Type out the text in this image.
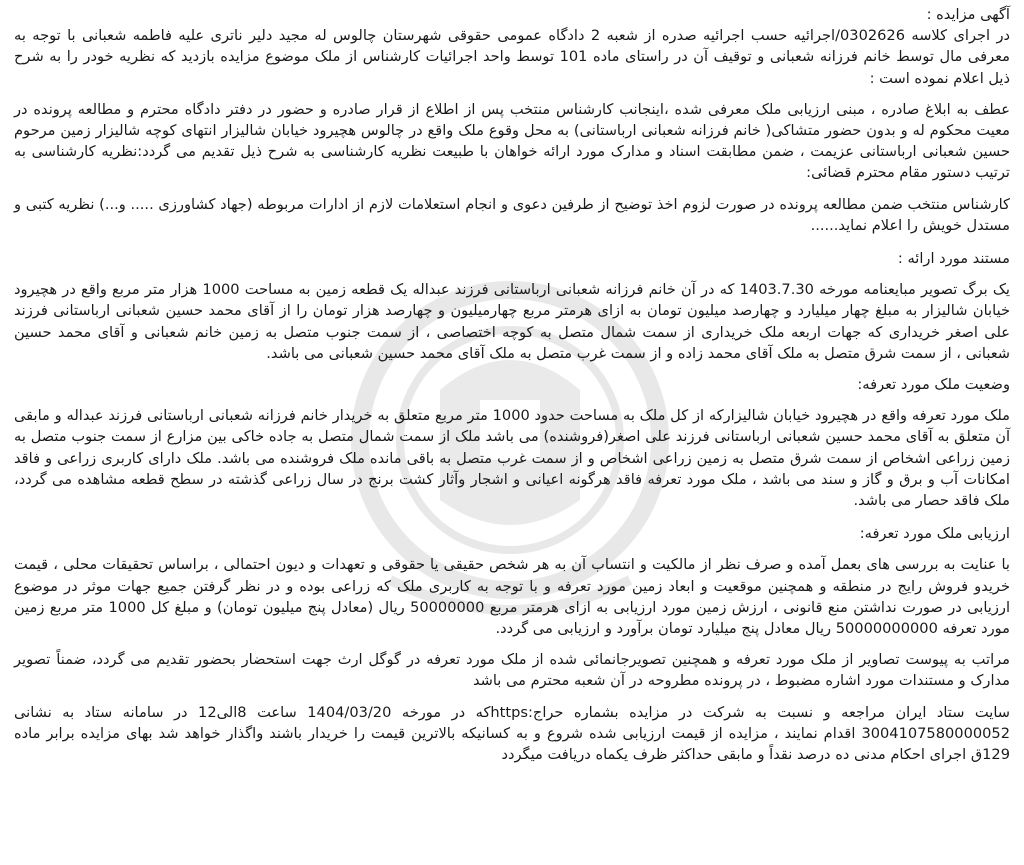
آگهی مزایده :

در اجرای کلاسه 0302626/اجرائیه حسب اجرائیه صدره از شعبه 2 دادگاه عمومی حقوقی شهرستان چالوس له مجید دلیر ناتری علیه فاطمه شعبانی با توجه به معرفی مال توسط خانم فرزانه شعبانی و توقیف آن در راستای ماده 101 توسط واحد اجرائیات کارشناس از ملک موضوع مزایده بازدید که نظریه خودر را به شرح ذیل اعلام نموده است :

عطف به ابلاغ صادره ، مبنی ارزیابی ملک معرفی شده ،اینجانب کارشناس منتخب پس از اطلاع از قرار صادره و حضور در دفتر دادگاه محترم و مطالعه پرونده در معیت محکوم له و بدون حضور متشاکی( خانم فرزانه شعبانی ارباستانی) به محل وقوع ملک واقع در چالوس هچیرود خیابان شالیزار انتهای کوچه شالیزار زمین مرحوم حسین شعبانی ارباستانی عزیمت ، ضمن مطابقت اسناد و مدارک مورد ارائه خواهان با طبیعت نظریه کارشناسی به شرح ذیل تقدیم می گردد:نظریه کارشناسی به ترتیب دستور مقام محترم قضائی:

کارشناس منتخب ضمن مطالعه پرونده در صورت لزوم اخذ توضیح از طرفین دعوی و انجام استعلامات لازم از ادارات مربوطه (جهاد کشاورزی ..... و...) نظریه کتبی و مستدل خویش را اعلام نماید......

مستند مورد ارائه :

یک برگ تصویر مبایعنامه مورخه 1403.7.30 که در آن خانم فرزانه شعبانی ارباستانی فرزند عبداله یک قطعه زمین به مساحت 1000 هزار متر مربع واقع در هچیرود خیابان شالیزار به مبلغ چهار میلیارد و چهارصد میلیون تومان به ازای هرمتر مربع چهارمیلیون و چهارصد هزار تومان را از آقای محمد حسین شعبانی ارباستانی فرزند علی اصغر خریداری که جهات اربعه ملک خریداری از سمت شمال متصل به کوچه اختصاصی ، از سمت جنوب متصل به زمین خانم شعبانی و آقای محمد حسین شعبانی ، از سمت شرق متصل به ملک آقای محمد زاده و از سمت غرب متصل به ملک آقای محمد حسین شعبانی می باشد.

وضعیت ملک مورد تعرفه:

ملک مورد تعرفه واقع در هچیرود خیابان شالیزارکه از کل ملک به مساحت حدود 1000 متر مربع متعلق به خریدار خانم فرزانه شعبانی ارباستانی فرزند عبداله و مابقی آن متعلق به آقای محمد حسین شعبانی ارباستانی فرزند علی اصغر(فروشنده) می باشد ملک از سمت شمال متصل به جاده خاکی بین مزارع از سمت جنوب متصل به زمین زراعی اشخاص از سمت شرق متصل به زمین زراعی اشخاص و از سمت غرب متصل به باقی مانده ملک فروشنده می باشد. ملک دارای کاربری زراعی و فاقد امکانات آب و برق و گاز و سند می باشد ، ملک مورد تعرفه فاقد هرگونه اعیانی و اشجار وآثار کشت برنج در سال زراعی گذشته در سطح قطعه مشاهده می گردد، ملک فاقد حصار می باشد.

ارزیابی ملک مورد تعرفه:

با عنایت به بررسی های بعمل آمده و صرف نظر از مالکیت و انتساب آن به هر شخص حقیقی یا حقوقی و تعهدات و دیون احتمالی ، براساس تحقیقات محلی ، قیمت خریدو فروش رایج در منطقه و همچنین موقعیت و ابعاد زمین مورد تعرفه و با توجه به کاربری ملک که زراعی بوده و در نظر گرفتن جمیع جهات موثر در موضوع ارزیابی در صورت نداشتن منع قانونی ، ارزش زمین مورد ارزیابی به ازای هرمتر مربع 50000000 ریال (معادل پنج میلیون تومان) و مبلغ کل 1000 متر مربع زمین مورد تعرفه 50000000000 ریال معادل پنج میلیارد تومان برآورد و ارزیابی می گردد.

مراتب به پیوست تصاویر از ملک مورد تعرفه و همچنین تصویرجانمائی شده از ملک مورد تعرفه در گوگل ارث جهت استحضار بحضور تقدیم می گردد، ضمناً تصویر مدارک و مستندات مورد اشاره مضبوط ، در پرونده مطروحه در آن شعبه محترم می باشد

سایت ستاد ایران مراجعه و نسبت به شرکت در مزایده بشماره حراج:httpsکه در مورخه 1404/03/20 ساعت 8الی12 در سامانه ستاد به نشانی 3004107580000052 اقدام نمایند ، مزایده از قیمت ارزیابی شده شروع و به کسانیکه بالاترین قیمت را خریدار باشند واگذار خواهد شد بهای مزایده برابر ماده 129ق اجرای احکام مدنی ده درصد نقداً و مابقی حداکثر ظرف یکماه دریافت میگردد
